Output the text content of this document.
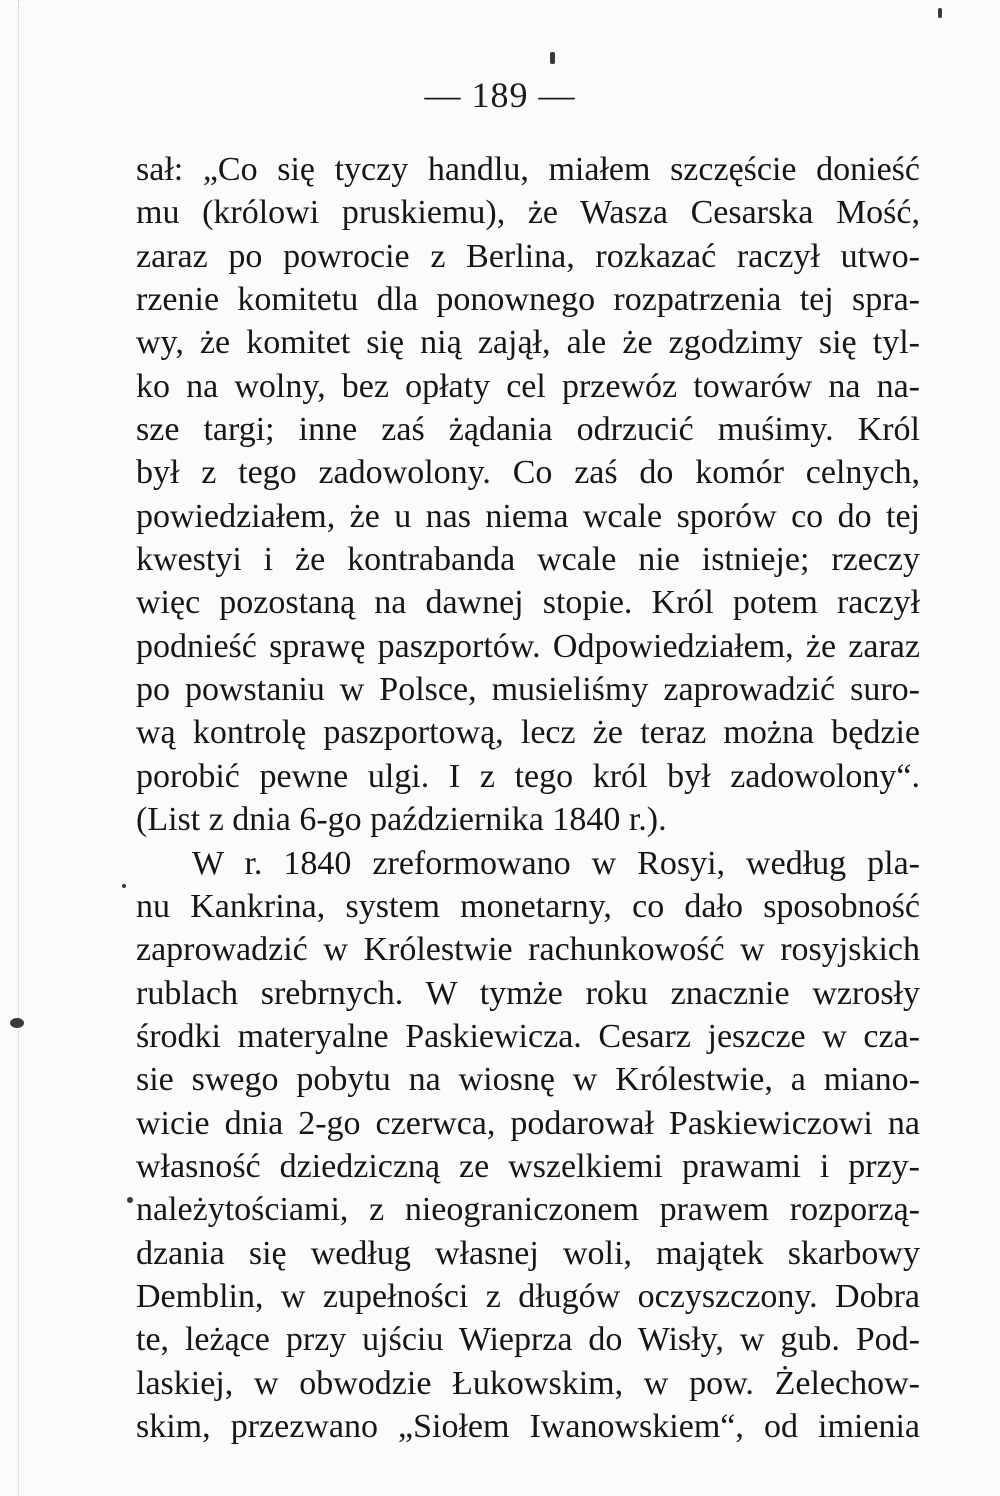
— 189 —
sał: „Co się tyczy handlu, miałem szczęście donieść
mu (królowi pruskiemu), że Wasza Cesarska Mość,
zaraz po powrocie z Berlina, rozkazać raczył utwo-
rzenie komitetu dla ponownego rozpatrzenia tej spra-
wy, że komitet się nią zajął, ale że zgodzimy się tyl-
ko na wolny, bez opłaty cel przewóz towarów na na-
sze targi; inne zaś żądania odrzucić muśimy. Król
był z tego zadowolony. Co zaś do komór celnych,
powiedziałem, że u nas niema wcale sporów co do tej
kwestyi i że kontrabanda wcale nie istnieje; rzeczy
więc pozostaną na dawnej stopie. Król potem raczył
podnieść sprawę paszportów. Odpowiedziałem, że zaraz
po powstaniu w Polsce, musieliśmy zaprowadzić suro-
wą kontrolę paszportową, lecz że teraz można będzie
porobić pewne ulgi. I z tego król był zadowolony“.
(List z dnia 6-go października 1840 r.).
W r. 1840 zreformowano w Rosyi, według pla-
nu Kankrina, system monetarny, co dało sposobność
zaprowadzić w Królestwie rachunkowość w rosyjskich
rublach srebrnych. W tymże roku znacznie wzrosły
środki materyalne Paskiewicza. Cesarz jeszcze w cza-
sie swego pobytu na wiosnę w Królestwie, a miano-
wicie dnia 2-go czerwca, podarował Paskiewiczowi na
własność dziedziczną ze wszelkiemi prawami i przy-
należytościami, z nieograniczonem prawem rozporzą-
dzania się według własnej woli, majątek skarbowy
Demblin, w zupełności z długów oczyszczony. Dobra
te, leżące przy ujściu Wieprza do Wisły, w gub. Pod-
laskiej, w obwodzie Łukowskim, w pow. Żelechow-
skim, przezwano „Siołem Iwanowskiem“, od imienia
